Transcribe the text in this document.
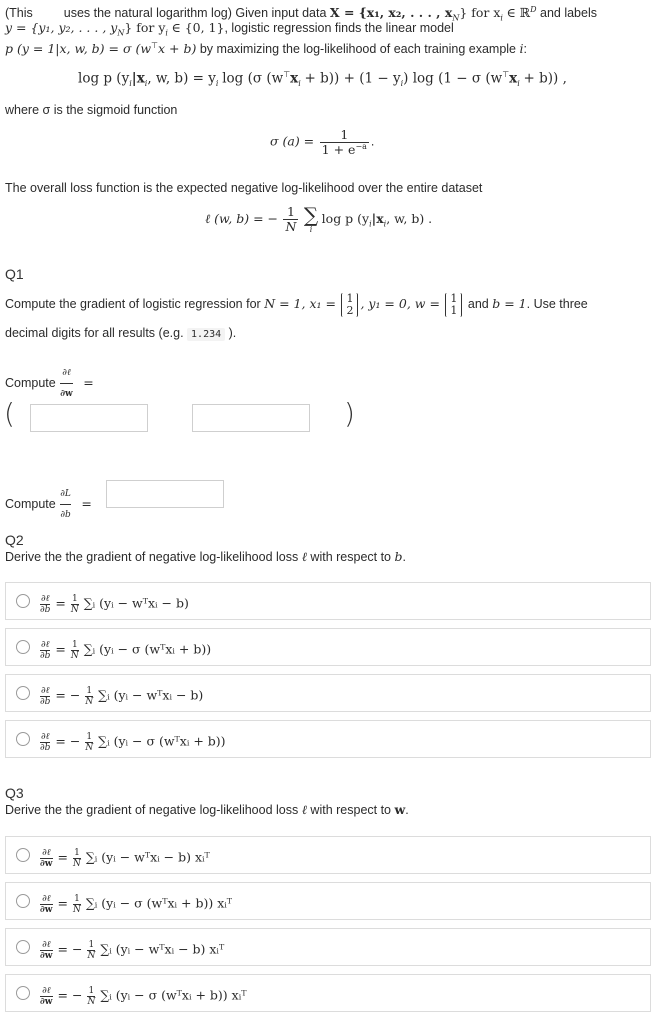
(This uses the natural logarithm log) Given input data X = {x₁, x₂, . . . , $x_N$} for $x_i$ ∈ ℝ$^D$ and labels
y = {y₁, y₂, . . . , $y_N$} for $y_i$ ∈ {0, 1}, logistic regression finds the linear model
p (y = 1|x, w, b) = σ (w⊤x + b) by maximizing the log-likelihood of each training example i:
log p ($y_i|x_i$, w, $b) = y_i$ log (σ $(w^⊤x_i + b)) + (1 - y_i)$ log (1 − σ $(w^⊤x_i + b)$) ,
where σ is the sigmoid function
σ $(a) = \frac{1}{1 + e^{-a}}$ .
The overall loss function is the expected negative log-likelihood over the entire dataset
ℓ (w, b) = − $\frac{1}{N}$
∑
i
log p ($y_i|x_i$, w, b) .
Q1
Compute the gradient of logistic regression for N = 1, x₁ = 1
2 , y₁ = 0, w = 1
1 and b = 1. Use three
decimal digits for all results (e.g. 1.234 ).
Compute
∂ℓ
∂w
=
(	)
Compute $\frac{\partial L}{\partial b}$ =
Q2
Derive the the gradient of negative log-likelihood loss ℓ with respect to b.
∂ℓ
$\partial b = \frac{1}{N}$ ∑ᵢ (yᵢ − wᵀxᵢ − b)
∂ℓ
$\partial b = \frac{1}{N}$ ∑ᵢ (yᵢ − σ (wᵀxᵢ + b))
∂ℓ
∂b = − $\frac{1}{N}$ ∑ᵢ (yᵢ − wᵀxᵢ − b)
∂ℓ
∂b = − $\frac{1}{N}$ ∑ᵢ (yᵢ − σ (wᵀxᵢ + b))
Q3
Derive the the gradient of negative log-likelihood loss ℓ with respect to w.
∂ℓ
$\partial w = \frac{1}{N}$ ∑ᵢ (yᵢ − wᵀxᵢ − b) xᵢᵀ
∂ℓ
$\partial w = \frac{1}{N}$ ∑ᵢ (yᵢ − σ (wᵀxᵢ + b)) xᵢᵀ
∂ℓ
∂w = − $\frac{1}{N}$ ∑ᵢ (yᵢ − wᵀxᵢ − b) xᵢᵀ
∂ℓ
∂w = − $\frac{1}{N}$ ∑ᵢ (yᵢ − σ (wᵀxᵢ + b)) xᵢᵀ
